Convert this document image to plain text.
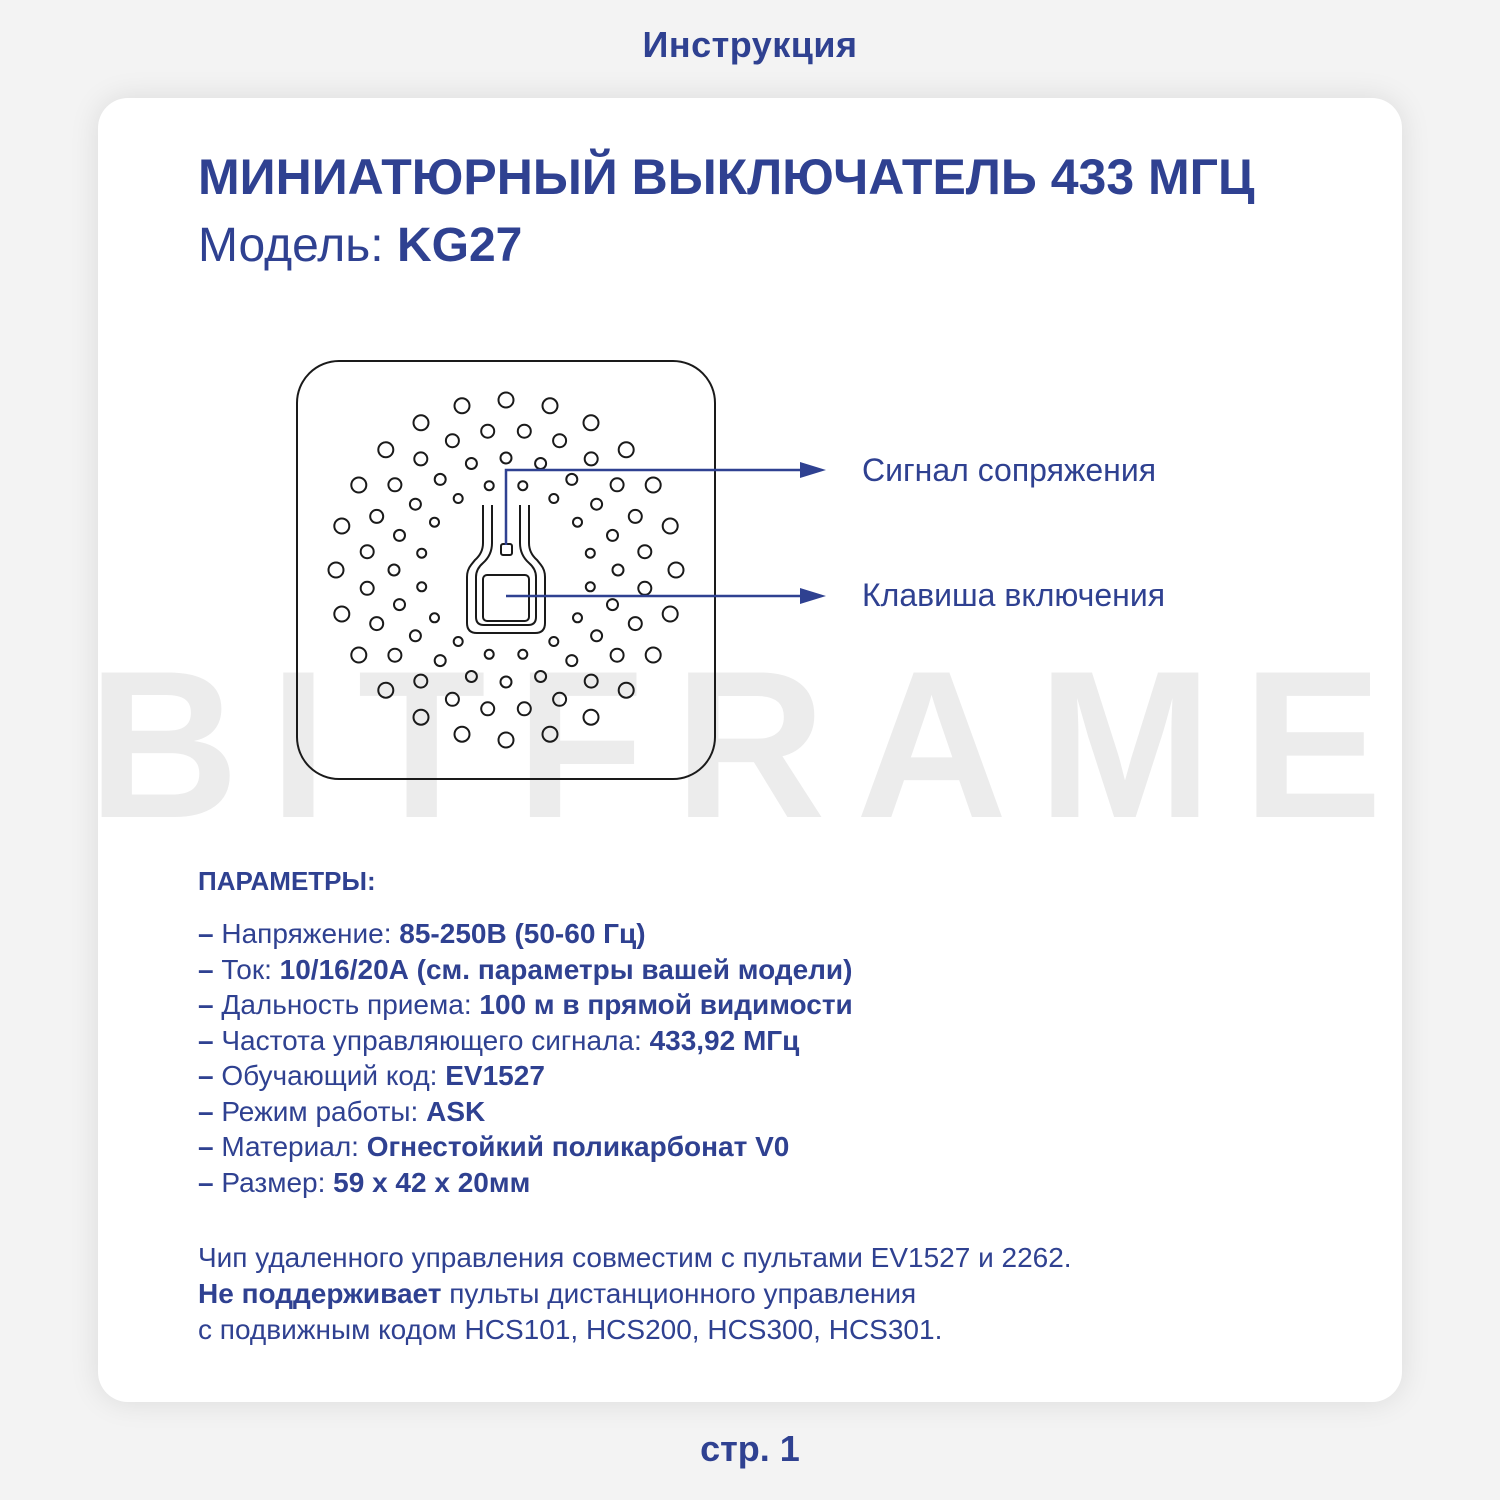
Инструкция
BITFRAME
МИНИАТЮРНЫЙ ВЫКЛЮЧАТЕЛЬ 433 МГЦ
Модель: KG27
Сигнал сопряжения
Клавиша включения
ПАРАМЕТРЫ:
– Напряжение: 85-250В (50-60 Гц)
– Ток: 10/16/20А (см. параметры вашей модели)
– Дальность приема: 100 м в прямой видимости
– Частота управляющего сигнала: 433,92 МГц
– Обучающий код: EV1527
– Режим работы: ASK
– Материал: Огнестойкий поликарбонат V0
– Размер: 59 х 42 х 20мм
Чип удаленного управления совместим с пультами EV1527 и 2262.
Не поддерживает пульты дистанционного управления
с подвижным кодом HCS101, HCS200, HCS300, HCS301.
стр. 1
